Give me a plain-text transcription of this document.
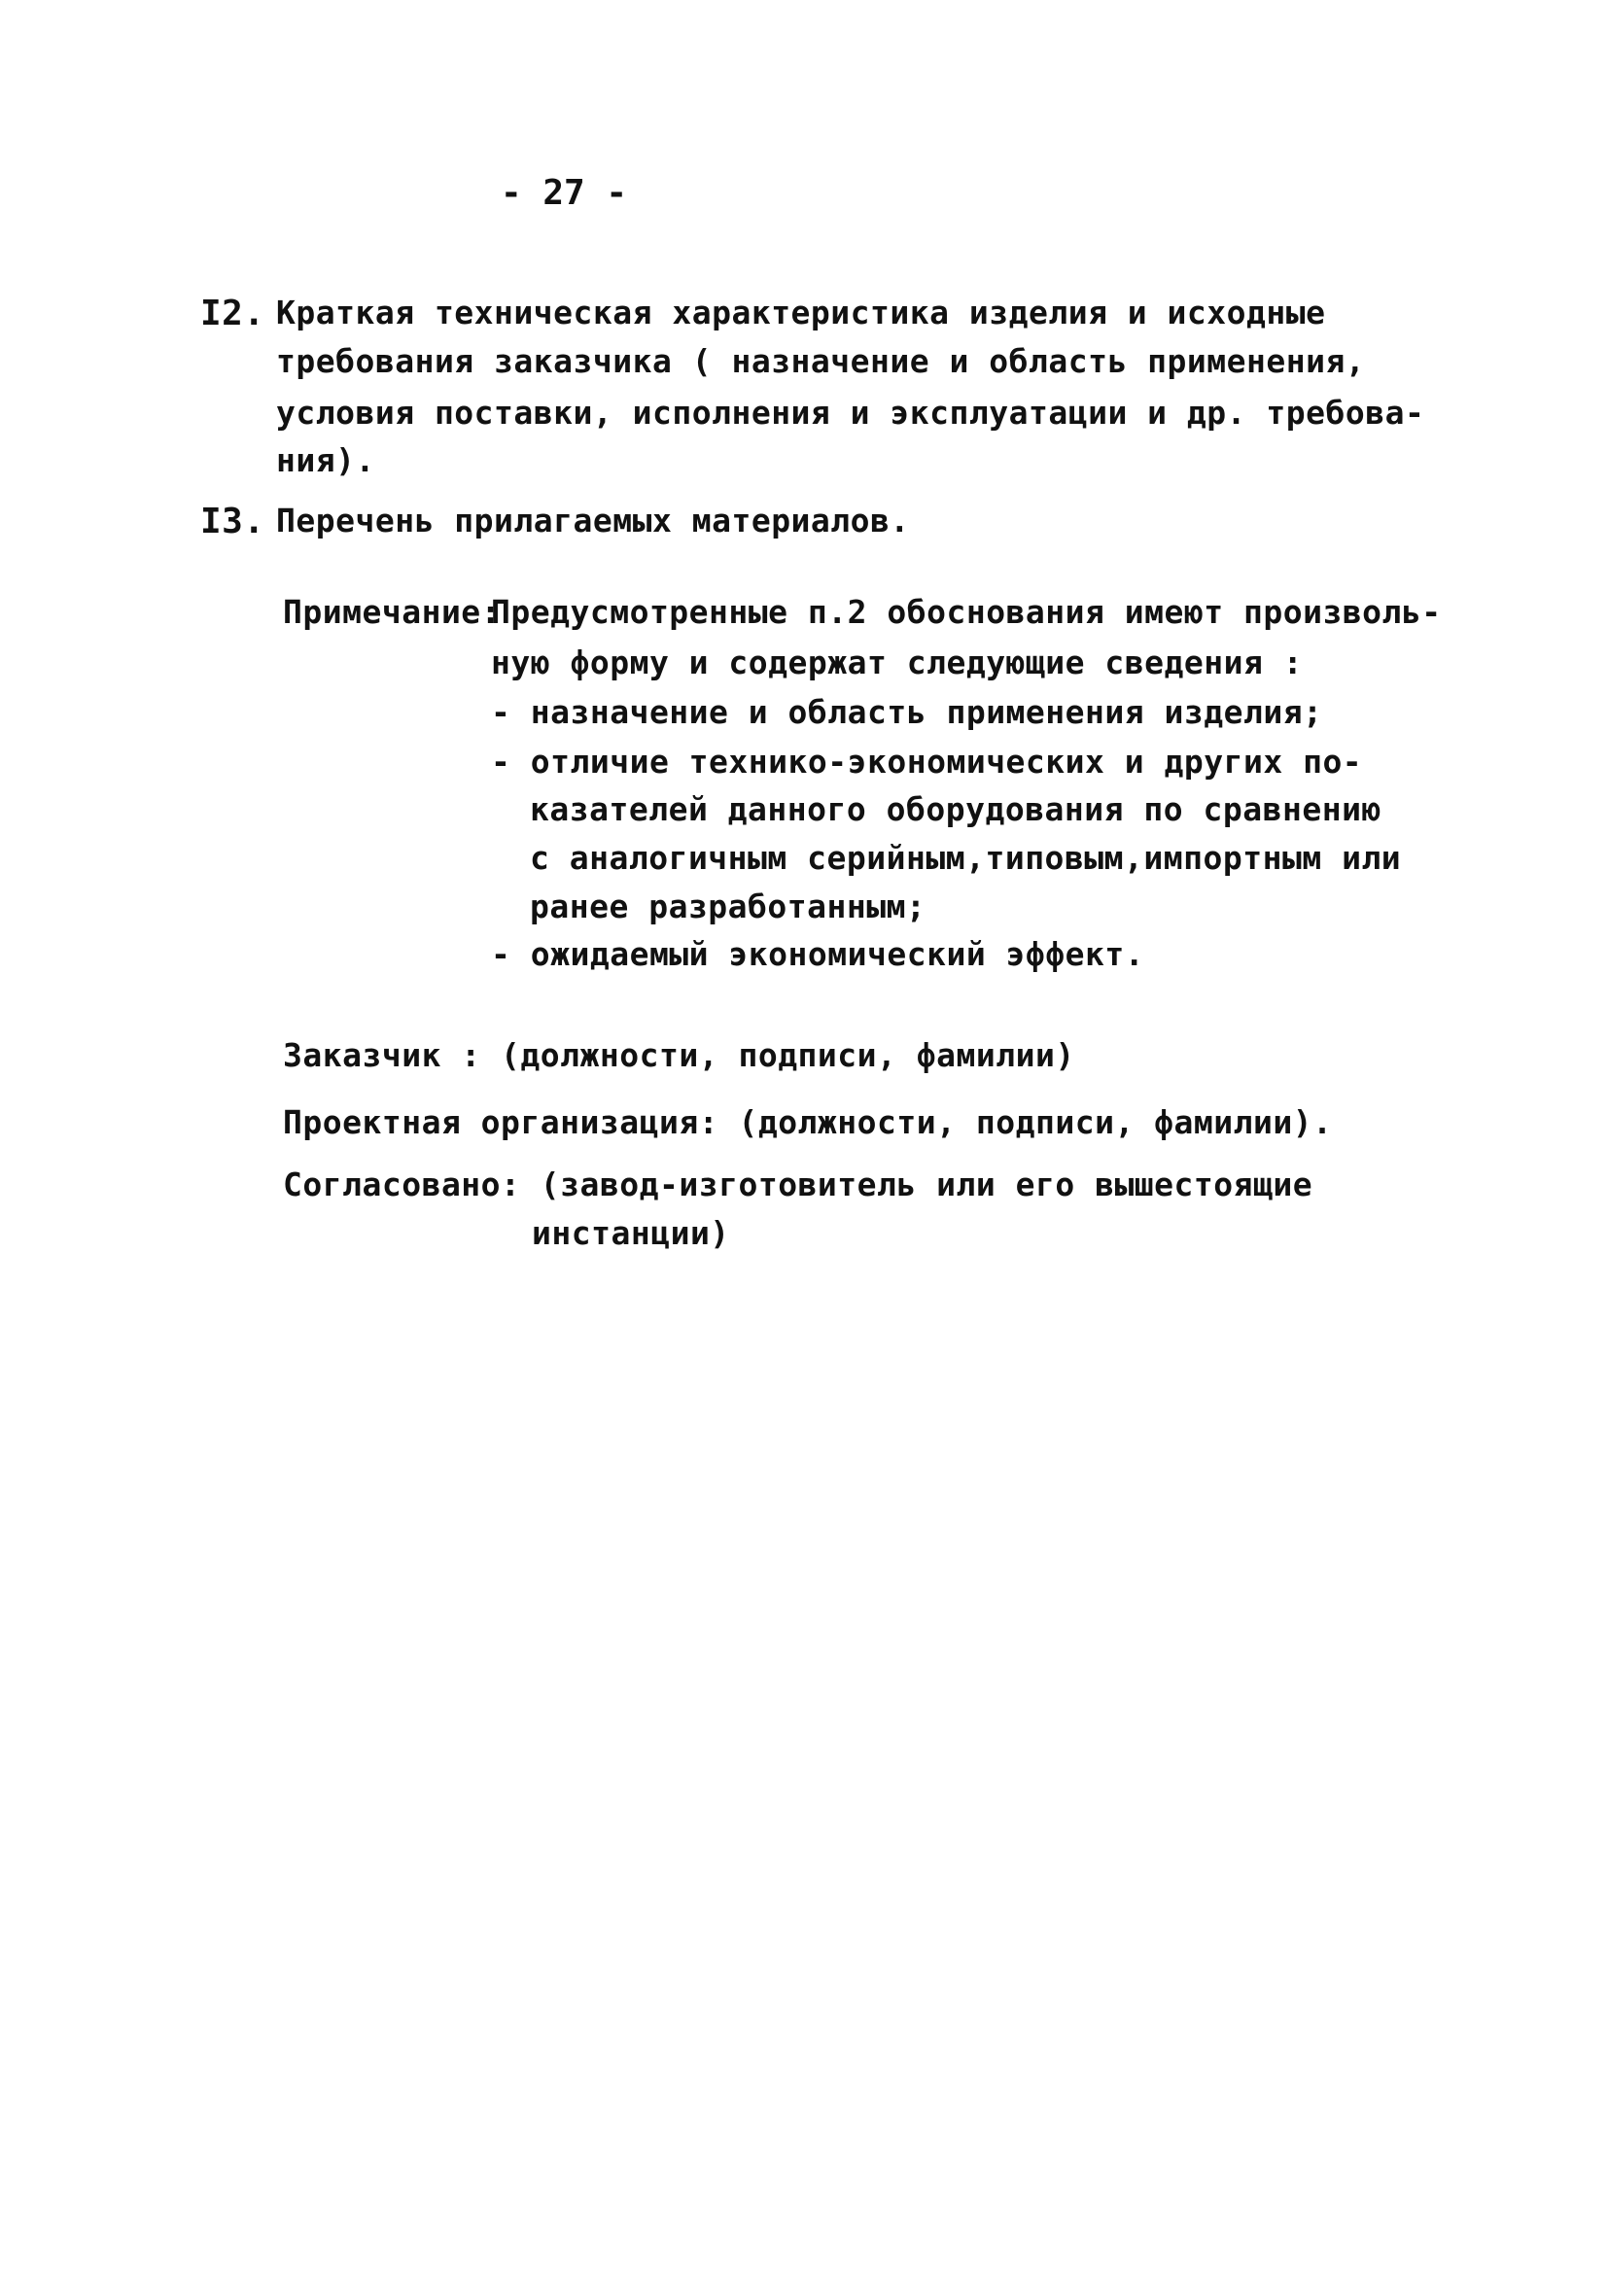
- 27 -
I2. Краткая техническая характеристика изделия и исходные
требования заказчика ( назначение и область применения,
условия поставки, исполнения и эксплуатации и др. требова-
ния).
I3. Перечень прилагаемых материалов.
Примечание:
Предусмотренные п.2 обоснования имеют произволь-
ную форму и содержат следующие сведения :
- назначение и область применения изделия;
- отличие технико-экономических и других по-
казателей данного оборудования по сравнению
с аналогичным серийным,типовым,импортным или
ранее разработанным;
- ожидаемый экономический эффект.
Заказчик : (должности, подписи, фамилии)
Проектная организация: (должности, подписи, фамилии).
Согласовано: (завод-изготовитель или его вышестоящие
инстанции)
